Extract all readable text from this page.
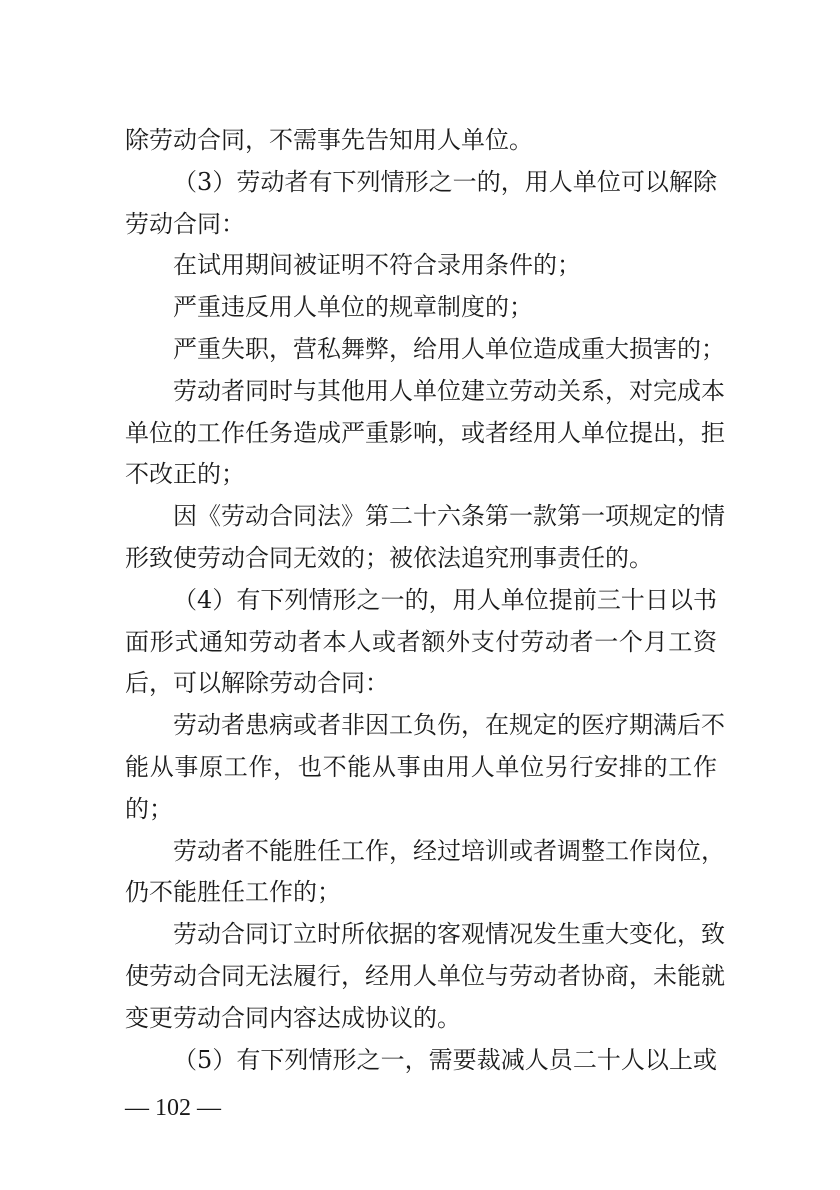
除劳动合同，不需事先告知用人单位。
（3）劳动者有下列情形之一的，用人单位可以解除
劳动合同：
在试用期间被证明不符合录用条件的；
严重违反用人单位的规章制度的；
严重失职，营私舞弊，给用人单位造成重大损害的；
劳动者同时与其他用人单位建立劳动关系，对完成本
单位的工作任务造成严重影响，或者经用人单位提出，拒
不改正的；
因《劳动合同法》第二十六条第一款第一项规定的情
形致使劳动合同无效的；被依法追究刑事责任的。
（4）有下列情形之一的，用人单位提前三十日以书
面形式通知劳动者本人或者额外支付劳动者一个月工资
后，可以解除劳动合同：
劳动者患病或者非因工负伤，在规定的医疗期满后不
能从事原工作，也不能从事由用人单位另行安排的工作
的；
劳动者不能胜任工作，经过培训或者调整工作岗位，
仍不能胜任工作的；
劳动合同订立时所依据的客观情况发生重大变化，致
使劳动合同无法履行，经用人单位与劳动者协商，未能就
变更劳动合同内容达成协议的。
（5）有下列情形之一，需要裁减人员二十人以上或
— 102 —
